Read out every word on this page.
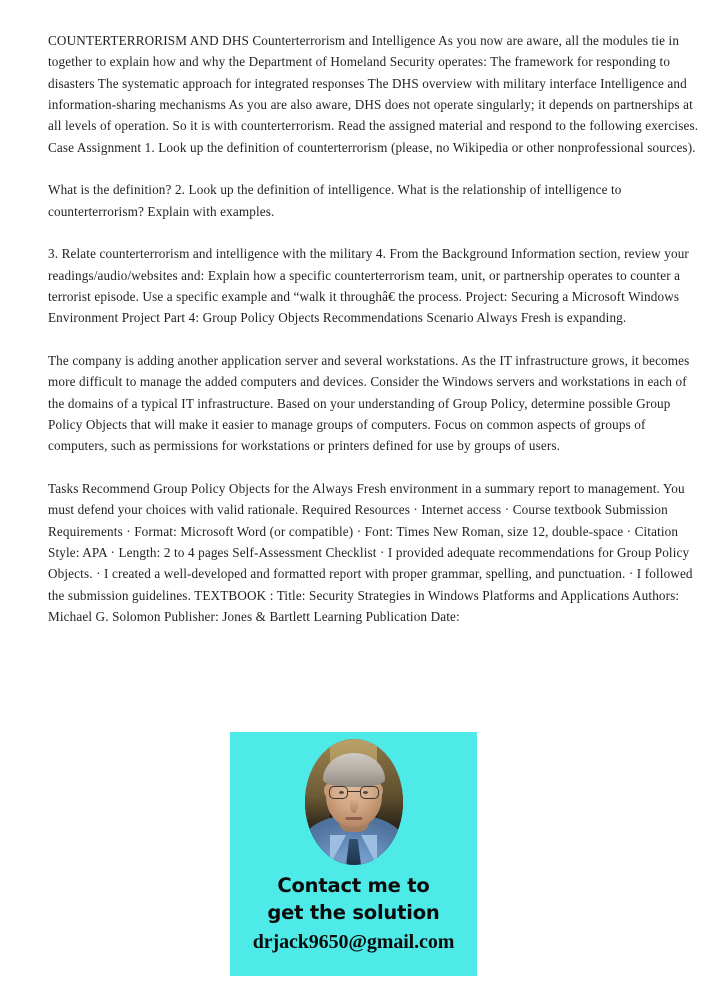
COUNTERTERRORISM AND DHS Counterterrorism and Intelligence As you now are aware, all the modules tie in together to explain how and why the Department of Homeland Security operates: The framework for responding to disasters The systematic approach for integrated responses The DHS overview with military interface Intelligence and information-sharing mechanisms As you are also aware, DHS does not operate singularly; it depends on partnerships at all levels of operation. So it is with counterterrorism. Read the assigned material and respond to the following exercises. Case Assignment 1. Look up the definition of counterterrorism (please, no Wikipedia or other nonprofessional sources).

What is the definition? 2. Look up the definition of intelligence. What is the relationship of intelligence to counterterrorism? Explain with examples.

3. Relate counterterrorism and intelligence with the military 4. From the Background Information section, review your readings/audio/websites and: Explain how a specific counterterrorism team, unit, or partnership operates to counter a terrorist episode. Use a specific example and “walk it throughâ€ the process. Project: Securing a Microsoft Windows Environment Project Part 4: Group Policy Objects Recommendations Scenario Always Fresh is expanding.

The company is adding another application server and several workstations. As the IT infrastructure grows, it becomes more difficult to manage the added computers and devices. Consider the Windows servers and workstations in each of the domains of a typical IT infrastructure. Based on your understanding of Group Policy, determine possible Group Policy Objects that will make it easier to manage groups of computers. Focus on common aspects of groups of computers, such as permissions for workstations or printers defined for use by groups of users.

Tasks Recommend Group Policy Objects for the Always Fresh environment in a summary report to management. You must defend your choices with valid rationale. Required Resources · Internet access · Course textbook Submission Requirements · Format: Microsoft Word (or compatible) · Font: Times New Roman, size 12, double-space · Citation Style: APA · Length: 2 to 4 pages Self-Assessment Checklist · I provided adequate recommendations for Group Policy Objects. · I created a well-developed and formatted report with proper grammar, spelling, and punctuation. · I followed the submission guidelines. TEXTBOOK : Title: Security Strategies in Windows Platforms and Applications Authors: Michael G. Solomon Publisher: Jones & Bartlett Learning Publication Date:

Contact me to
get the solution
drjack9650@gmail.com
